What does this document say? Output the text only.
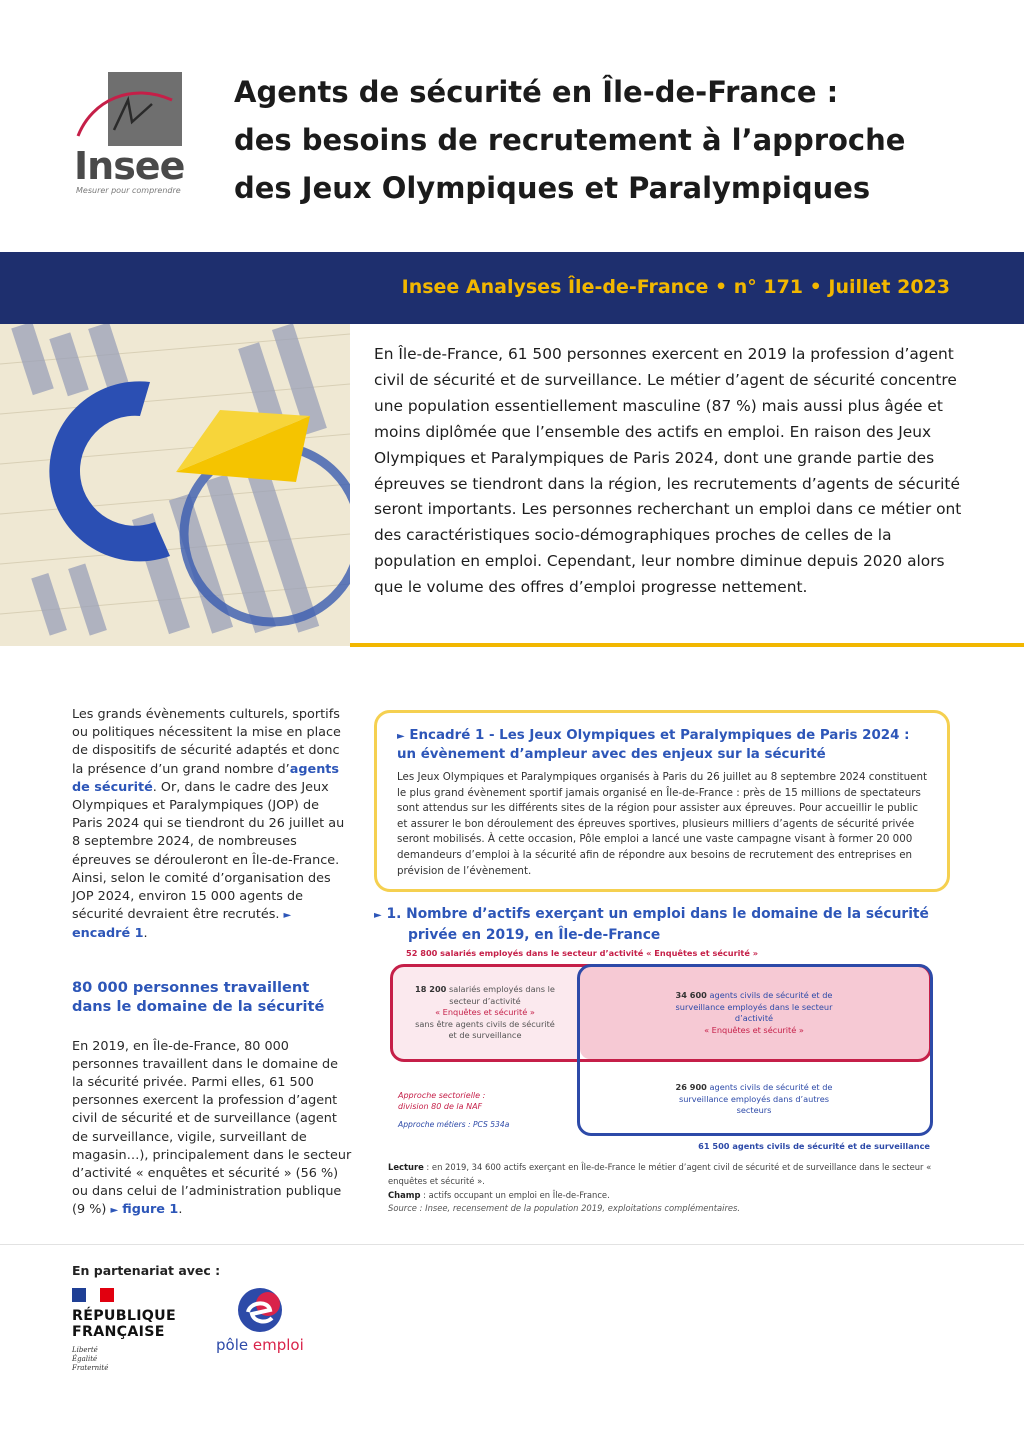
Insee
Mesurer pour comprendre
Agents de sécurité en Île-de-France :
des besoins de recrutement à l’approche
des Jeux Olympiques et Paralympiques
Insee Analyses Île-de-France • n° 171 • Juillet 2023
En Île-de-France, 61 500 personnes exercent en 2019 la profession d’agent civil de sécurité et de surveillance. Le métier d’agent de sécurité concentre une population essentiellement masculine (87 %) mais aussi plus âgée et moins diplômée que l’ensemble des actifs en emploi. En raison des Jeux Olympiques et Paralympiques de Paris 2024, dont une grande partie des épreuves se tiendront dans la région, les recrutements d’agents de sécurité seront importants. Les personnes recherchant un emploi dans ce métier ont des caractéristiques socio-démographiques proches de celles de la population en emploi. Cependant, leur nombre diminue depuis 2020 alors que le volume des offres d’emploi progresse nettement.

Les grands évènements culturels, sportifs ou politiques nécessitent la mise en place de dispositifs de sécurité adaptés et donc la présence d’un grand nombre d’agents de sécurité. Or, dans le cadre des Jeux Olympiques et Paralympiques (JOP) de Paris 2024 qui se tiendront du 26 juillet au 8 septembre 2024, de nombreuses épreuves se dérouleront en Île-de-France. Ainsi, selon le comité d’organisation des JOP 2024, environ 15 000 agents de sécurité devraient être recrutés. ► encadré 1.

80 000 personnes travaillent dans le domaine de la sécurité

En 2019, en Île-de-France, 80 000 personnes travaillent dans le domaine de la sécurité privée. Parmi elles, 61 500 personnes exercent la profession d’agent civil de sécurité et de surveillance (agent de surveillance, vigile, surveillant de magasin…), principalement dans le secteur d’activité « enquêtes et sécurité » (56 %) ou dans celui de l’administration publique (9 %) ► figure 1.

► Encadré 1 - Les Jeux Olympiques et Paralympiques de Paris 2024 : un évènement d’ampleur avec des enjeux sur la sécurité

Les Jeux Olympiques et Paralympiques organisés à Paris du 26 juillet au 8 septembre 2024 constituent le plus grand évènement sportif jamais organisé en Île-de-France : près de 15 millions de spectateurs sont attendus sur les différents sites de la région pour assister aux épreuves. Pour accueillir le public et assurer le bon déroulement des épreuves sportives, plusieurs milliers d’agents de sécurité privée seront mobilisés. À cette occasion, Pôle emploi a lancé une vaste campagne visant à former 20 000 demandeurs d’emploi à la sécurité afin de répondre aux besoins de recrutement des entreprises en prévision de l’évènement.

► 1. Nombre d’actifs exerçant un emploi dans le domaine de la sécurité
privée en 2019, en Île-de-France
52 800 salariés employés dans le secteur d’activité « Enquêtes et sécurité »
18 200 salariés employés dans le secteur d’activité
« Enquêtes et sécurité »
sans être agents civils de sécurité et de surveillance
34 600 agents civils de sécurité et de surveillance employés dans le secteur d’activité
« Enquêtes et sécurité »
26 900 agents civils de sécurité et de surveillance employés dans d’autres secteurs
Approche sectorielle : division 80 de la NAF
Approche métiers : PCS 534a
61 500 agents civils de sécurité et de surveillance
Lecture : en 2019, 34 600 actifs exerçant en Île-de-France le métier d’agent civil de sécurité et de surveillance dans le secteur « enquêtes et sécurité ».
Champ : actifs occupant un emploi en Île-de-France.
Source : Insee, recensement de la population 2019, exploitations complémentaires.
En partenariat avec :
RÉPUBLIQUE
FRANÇAISE
Liberté
Égalité
Fraternité
pôle emploi
